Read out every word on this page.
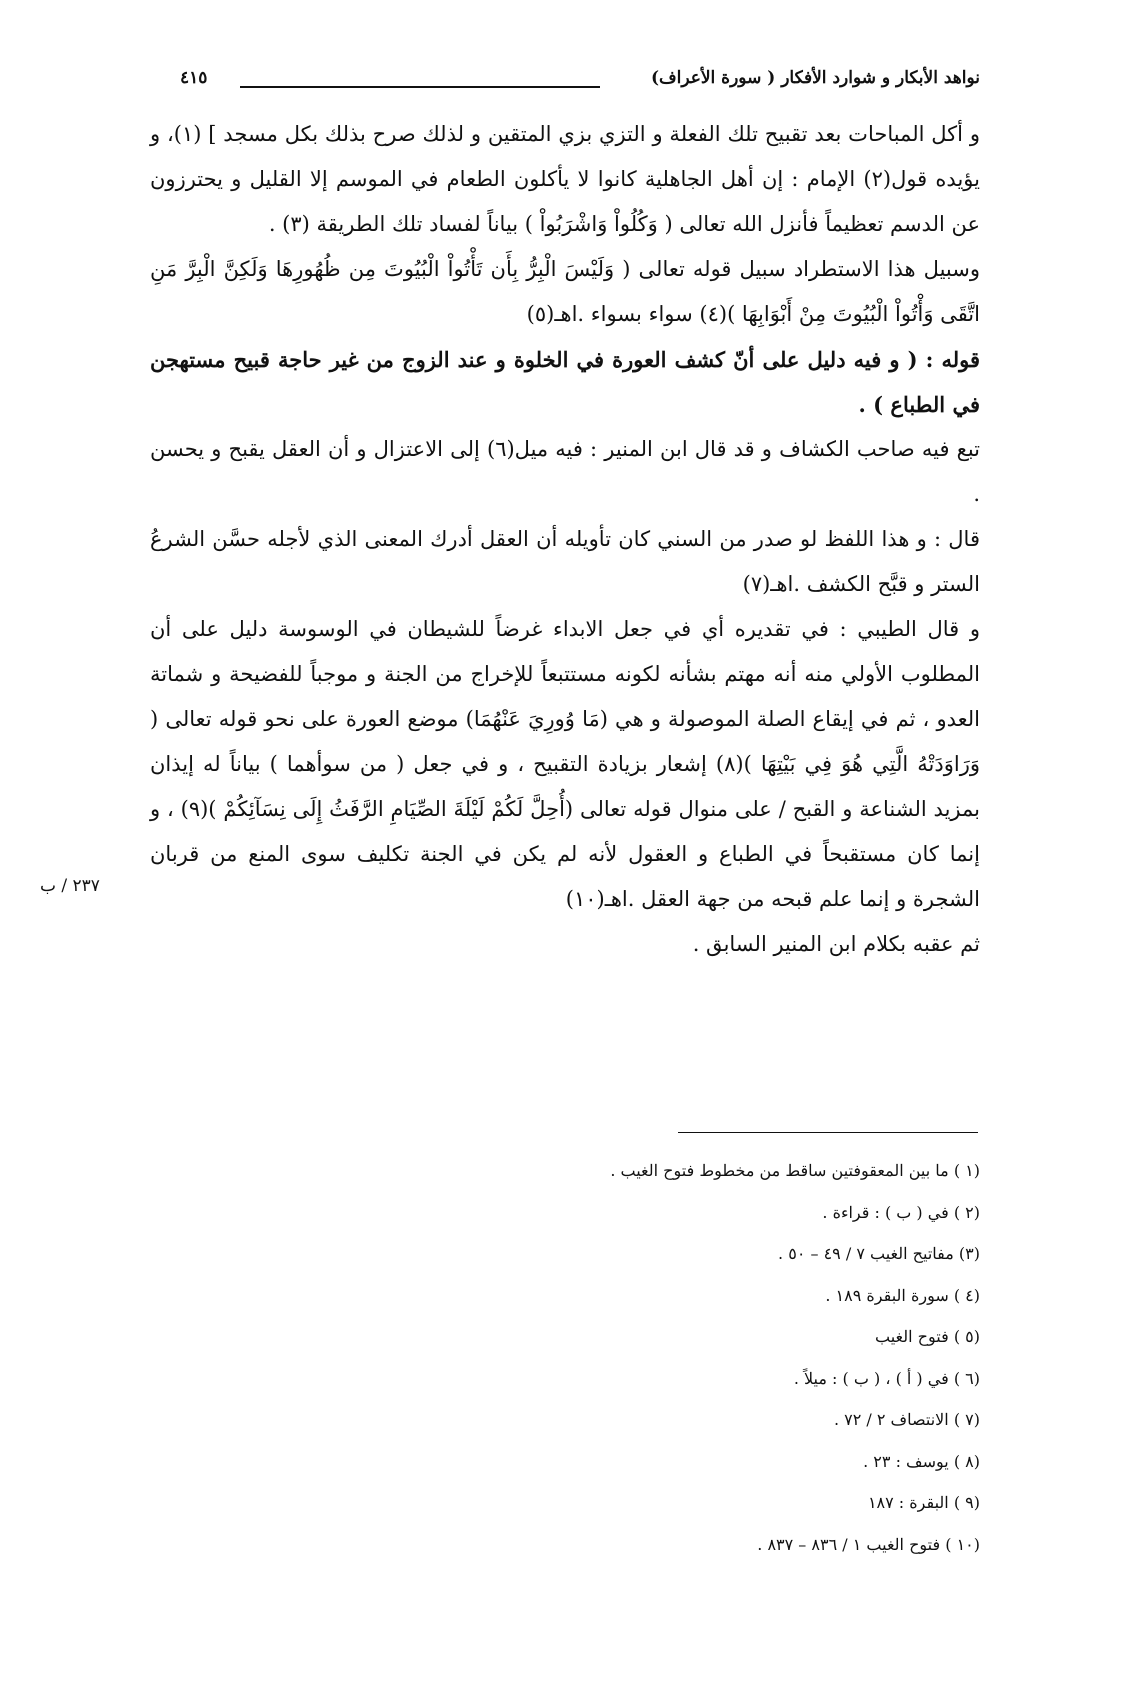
نواهد الأبكار و شوارد الأفكار ( سورة الأعراف)
٤١٥
و أكل المباحات بعد تقبيح تلك الفعلة و التزي بزي المتقين و لذلك صرح بذلك بكل مسجد ] (١)، و يؤيده قول(٢) الإمام : إن أهل الجاهلية كانوا لا يأكلون الطعام في الموسم إلا القليل و يحترزون عن الدسم تعظيماً فأنزل الله تعالى ( وَكُلُواْ وَاشْرَبُواْ ) بياناً لفساد تلك الطريقة (٣) .
وسبيل هذا الاستطراد سبيل قوله تعالى ( وَلَيْسَ الْبِرُّ بِأَن تَأْتُواْ الْبُيُوتَ مِن ظُهُورِهَا وَلَكِنَّ الْبِرَّ مَنِ اتَّقَى وَأْتُواْ الْبُيُوتَ مِنْ أَبْوَابِهَا )(٤) سواء بسواء .اهـ(٥)
قوله : ( و فيه دليل على أنّ كشف العورة في الخلوة و عند الزوج من غير حاجة قبيح مستهجن في الطباع ) .
تبع فيه صاحب الكشاف و قد قال ابن المنير : فيه ميل(٦) إلى الاعتزال و أن العقل يقبح و يحسن .
قال : و هذا اللفظ لو صدر من السني كان تأويله أن العقل أدرك المعنى الذي لأجله حسَّن الشرعُ الستر و قبَّح الكشف .اهـ(٧)
و قال الطيبي : في تقديره أي في جعل الابداء غرضاً للشيطان في الوسوسة دليل على أن المطلوب الأولي منه أنه مهتم بشأنه لكونه مستتبعاً للإخراج من الجنة و موجباً للفضيحة و شماتة العدو ، ثم في إيقاع الصلة الموصولة و هي (مَا وُورِيَ عَنْهُمَا) موضع العورة على نحو قوله تعالى ( وَرَاوَدَتْهُ الَّتِي هُوَ فِي بَيْتِهَا )(٨) إشعار بزيادة التقبيح ، و في جعل ( من سوأهما ) بياناً له إيذان بمزيد الشناعة و القبح / على منوال قوله تعالى (أُحِلَّ لَكُمْ لَيْلَةَ الصِّيَامِ الرَّفَثُ إِلَى نِسَآئِكُمْ )(٩) ، و إنما كان مستقبحاً في الطباع و العقول لأنه لم يكن في الجنة تكليف سوى المنع من قربان الشجرة و إنما علم قبحه من جهة العقل .اهـ(١٠)
ثم عقبه بكلام ابن المنير السابق .
٢٣٧ / ب
(١ ) ما بين المعقوفتين ساقط من مخطوط فتوح الغيب .
(٢ ) في ( ب ) : قراءة .
(٣) مفاتيح الغيب ٧ / ٤٩ – ٥٠ .
(٤ ) سورة البقرة ١٨٩ .
(٥ ) فتوح الغيب
(٦ ) في ( أ ) ، ( ب ) : ميلاً .
(٧ ) الانتصاف ٢ / ٧٢ .
(٨ ) يوسف : ٢٣ .
(٩ ) البقرة : ١٨٧
(١٠ ) فتوح الغيب ١ / ٨٣٦ – ٨٣٧ .
